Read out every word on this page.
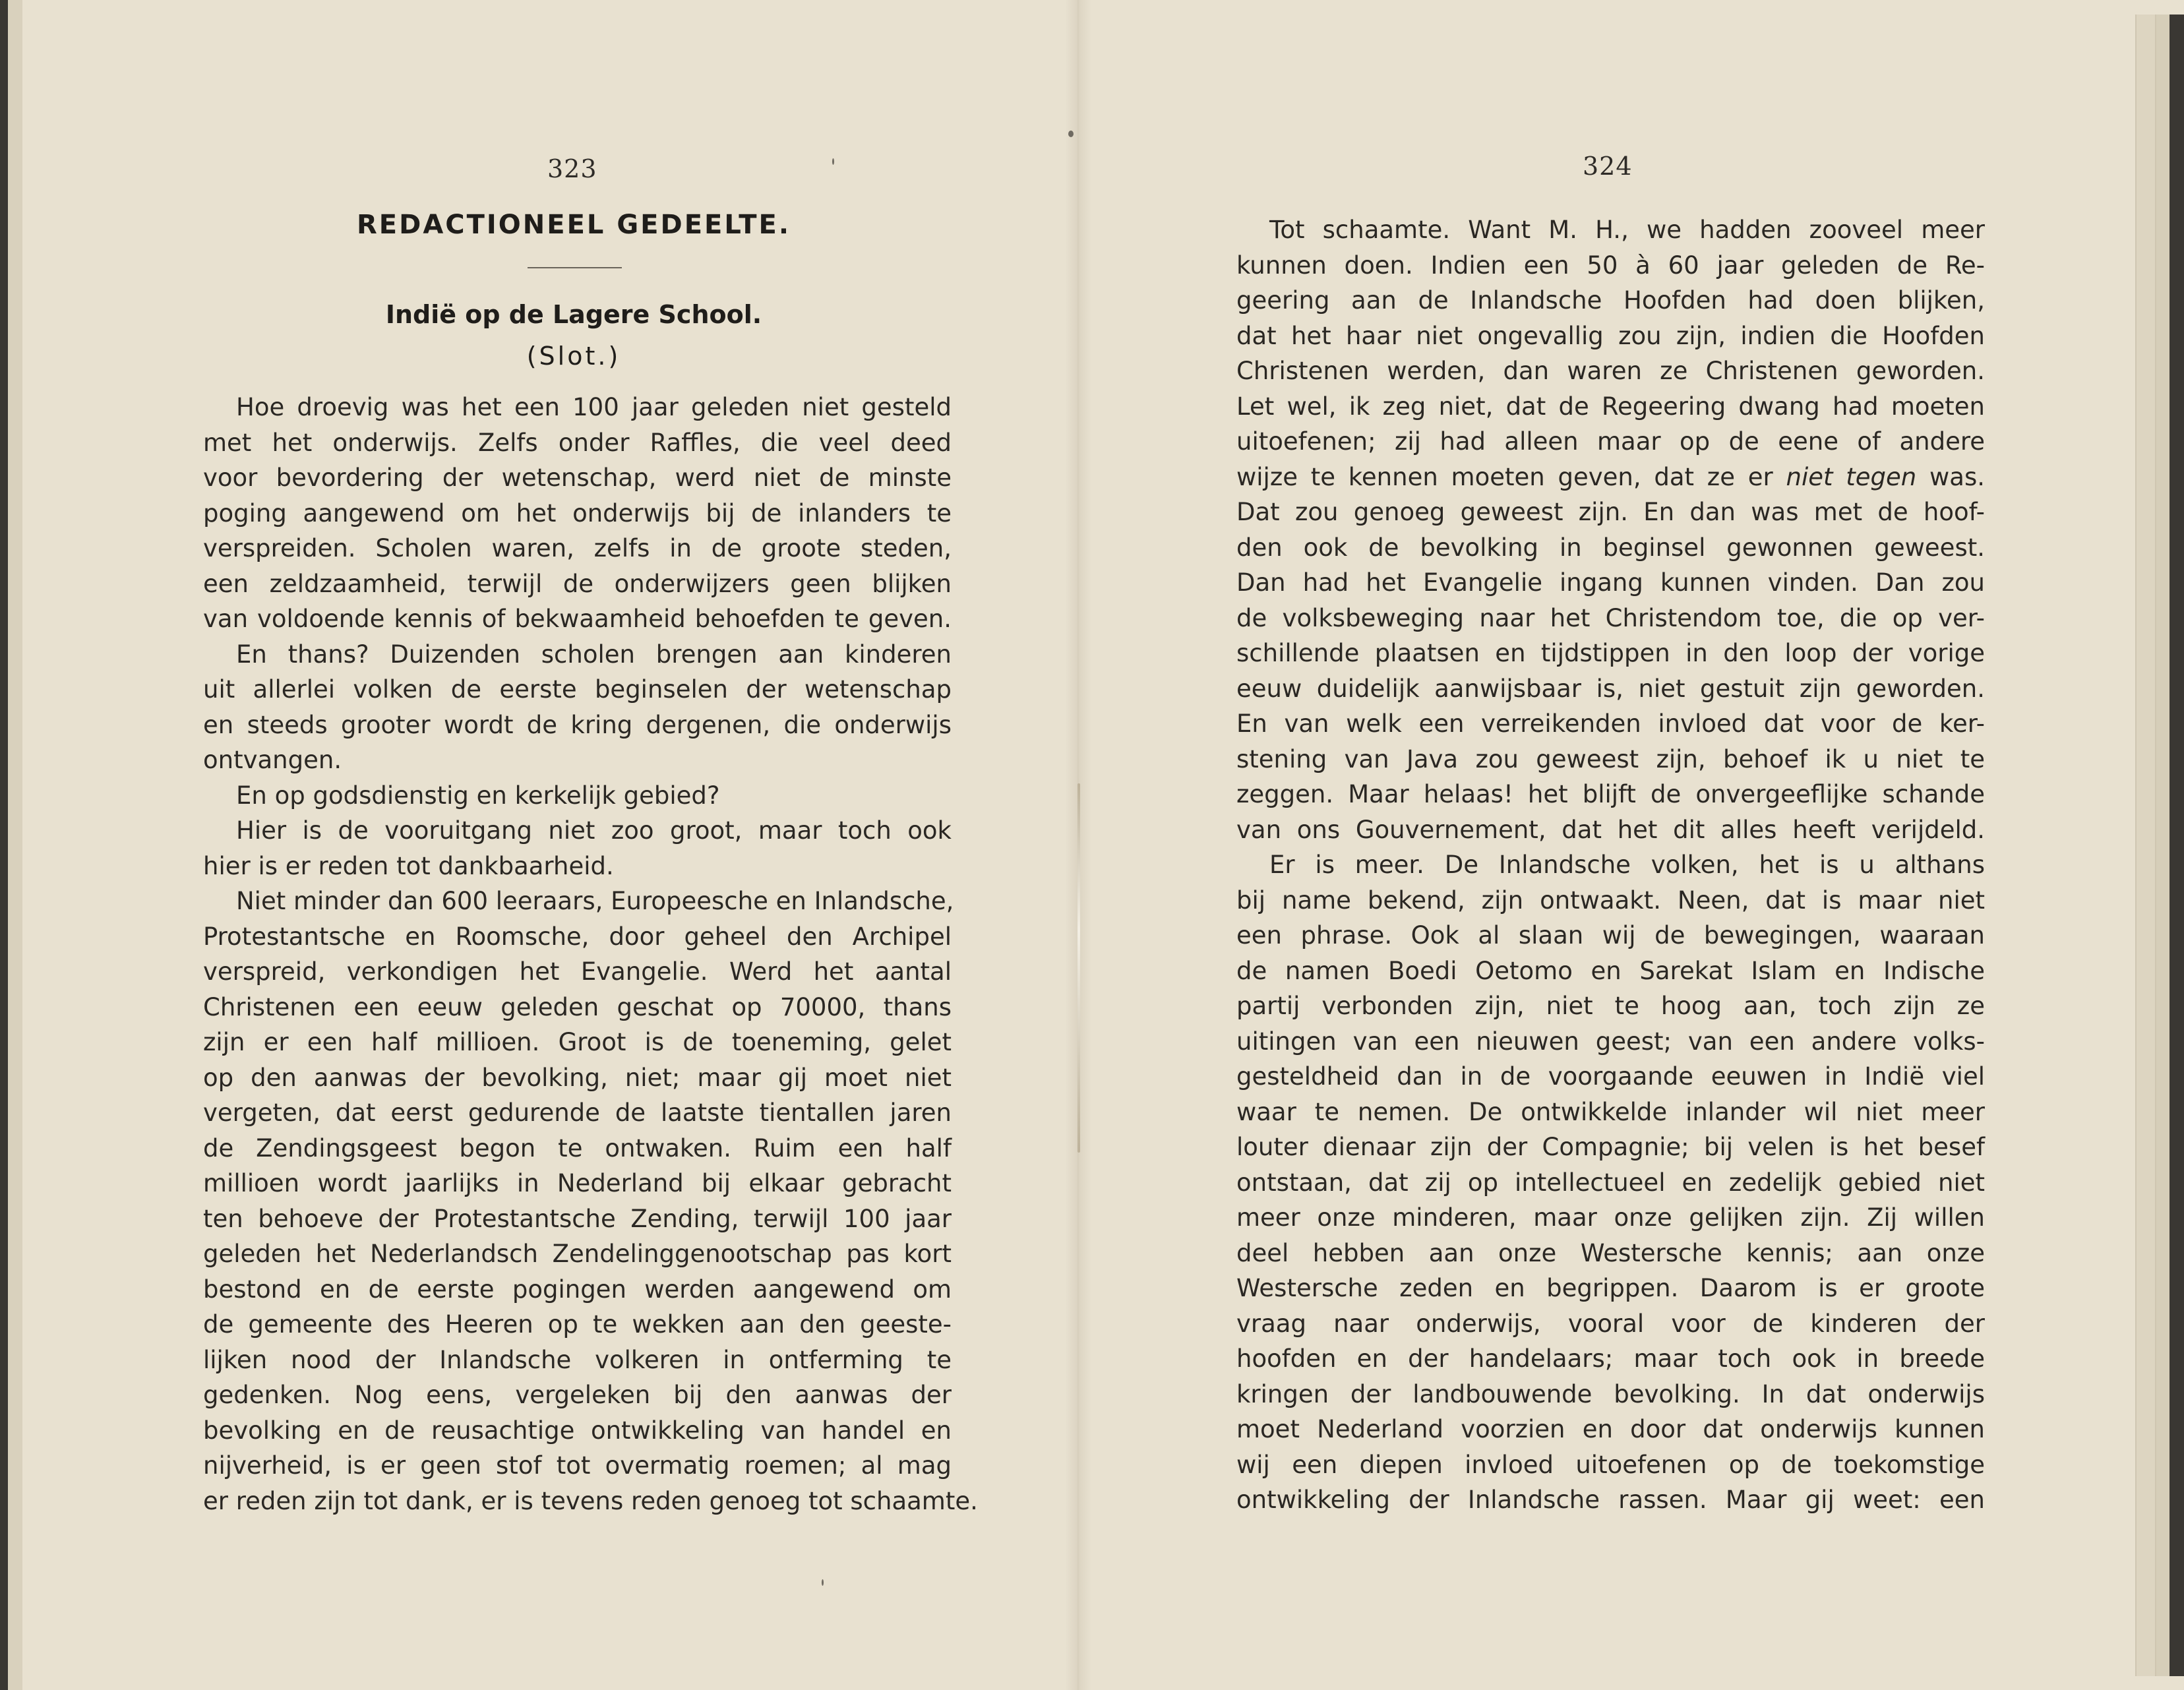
323
REDACTIONEEL GEDEELTE.
Indië op de Lagere School.
(Slot.)
Hoe droevig was het een 100 jaar geleden niet gesteld
met het onderwijs. Zelfs onder Raffles, die veel deed
voor bevordering der wetenschap, werd niet de minste
poging aangewend om het onderwijs bij de inlanders te
verspreiden. Scholen waren, zelfs in de groote steden,
een zeldzaamheid, terwijl de onderwijzers geen blijken
van voldoende kennis of bekwaamheid behoefden te geven.
En thans? Duizenden scholen brengen aan kinderen
uit allerlei volken de eerste beginselen der wetenschap
en steeds grooter wordt de kring dergenen, die onderwijs
ontvangen.
En op godsdienstig en kerkelijk gebied?
Hier is de vooruitgang niet zoo groot, maar toch ook
hier is er reden tot dankbaarheid.
Niet minder dan 600 leeraars, Europeesche en Inlandsche,
Protestantsche en Roomsche, door geheel den Archipel
verspreid, verkondigen het Evangelie. Werd het aantal
Christenen een eeuw geleden geschat op 70000, thans
zijn er een half millioen. Groot is de toeneming, gelet
op den aanwas der bevolking, niet; maar gij moet niet
vergeten, dat eerst gedurende de laatste tientallen jaren
de Zendingsgeest begon te ontwaken. Ruim een half
millioen wordt jaarlijks in Nederland bij elkaar gebracht
ten behoeve der Protestantsche Zending, terwijl 100 jaar
geleden het Nederlandsch Zendelinggenootschap pas kort
bestond en de eerste pogingen werden aangewend om
de gemeente des Heeren op te wekken aan den geeste-
lijken nood der Inlandsche volkeren in ontferming te
gedenken. Nog eens, vergeleken bij den aanwas der
bevolking en de reusachtige ontwikkeling van handel en
nijverheid, is er geen stof tot overmatig roemen; al mag
er reden zijn tot dank, er is tevens reden genoeg tot schaamte.
324
Tot schaamte. Want M. H., we hadden zooveel meer
kunnen doen. Indien een 50 à 60 jaar geleden de Re-
geering aan de Inlandsche Hoofden had doen blijken,
dat het haar niet ongevallig zou zijn, indien die Hoofden
Christenen werden, dan waren ze Christenen geworden.
Let wel, ik zeg niet, dat de Regeering dwang had moeten
uitoefenen; zij had alleen maar op de eene of andere
wijze te kennen moeten geven, dat ze er niet tegen was.
Dat zou genoeg geweest zijn. En dan was met de hoof-
den ook de bevolking in beginsel gewonnen geweest.
Dan had het Evangelie ingang kunnen vinden. Dan zou
de volksbeweging naar het Christendom toe, die op ver-
schillende plaatsen en tijdstippen in den loop der vorige
eeuw duidelijk aanwijsbaar is, niet gestuit zijn geworden.
En van welk een verreikenden invloed dat voor de ker-
stening van Java zou geweest zijn, behoef ik u niet te
zeggen. Maar helaas! het blijft de onvergeeflijke schande
van ons Gouvernement, dat het dit alles heeft verijdeld.
Er is meer. De Inlandsche volken, het is u althans
bij name bekend, zijn ontwaakt. Neen, dat is maar niet
een phrase. Ook al slaan wij de bewegingen, waaraan
de namen Boedi Oetomo en Sarekat Islam en Indische
partij verbonden zijn, niet te hoog aan, toch zijn ze
uitingen van een nieuwen geest; van een andere volks-
gesteldheid dan in de voorgaande eeuwen in Indië viel
waar te nemen. De ontwikkelde inlander wil niet meer
louter dienaar zijn der Compagnie; bij velen is het besef
ontstaan, dat zij op intellectueel en zedelijk gebied niet
meer onze minderen, maar onze gelijken zijn. Zij willen
deel hebben aan onze Westersche kennis; aan onze
Westersche zeden en begrippen. Daarom is er groote
vraag naar onderwijs, vooral voor de kinderen der
hoofden en der handelaars; maar toch ook in breede
kringen der landbouwende bevolking. In dat onderwijs
moet Nederland voorzien en door dat onderwijs kunnen
wij een diepen invloed uitoefenen op de toekomstige
ontwikkeling der Inlandsche rassen. Maar gij weet: een
